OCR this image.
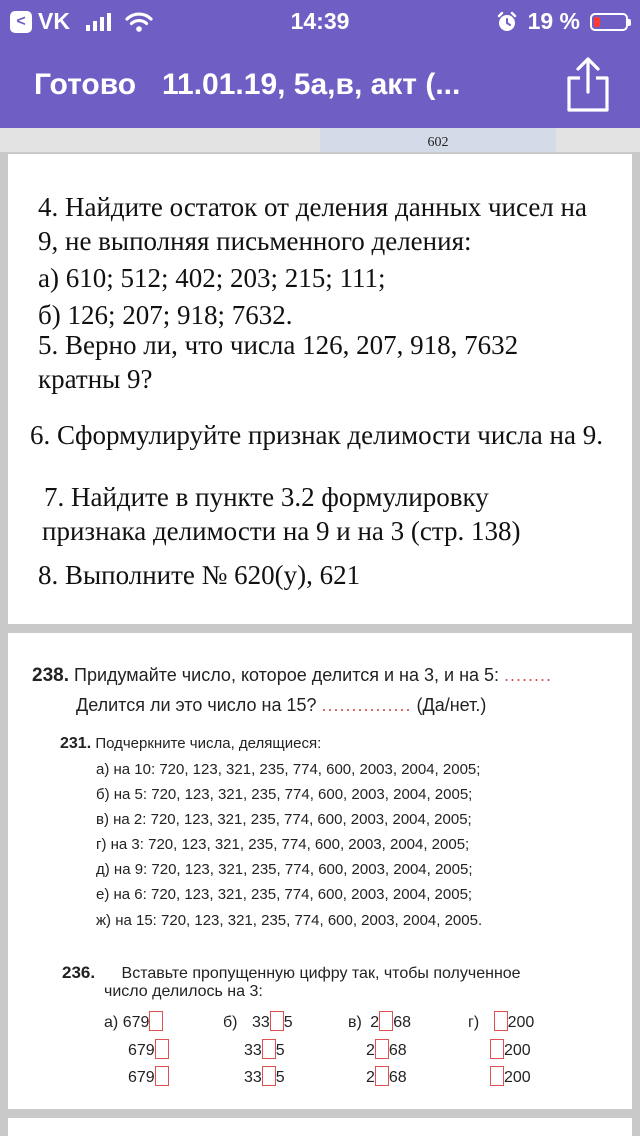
< VK	14:39	19 %
Готово 11.01.19, 5а,в, акт (...
602
4. Найдите остаток от деления данных чисел на
9, не выполняя письменного деления:
а) 610; 512; 402; 203; 215; 111;
б) 126; 207; 918; 7632.
5. Верно ли, что числа 126, 207, 918, 7632
кратны 9?
6. Сформулируйте признак делимости числа на 9.
7. Найдите в пункте 3.2 формулировку
признака делимости на 9 и на 3 (стр. 138)
8. Выполните № 620(у), 621
238. Придумайте число, которое делится и на 3, и на 5: ........
Делится ли это число на 15? ............... (Да/нет.)
231. Подчеркните числа, делящиеся:
а) на 10: 720, 123, 321, 235, 774, 600, 2003, 2004, 2005;
б) на 5: 720, 123, 321, 235, 774, 600, 2003, 2004, 2005;
в) на 2: 720, 123, 321, 235, 774, 600, 2003, 2004, 2005;
г) на 3: 720, 123, 321, 235, 774, 600, 2003, 2004, 2005;
д) на 9: 720, 123, 321, 235, 774, 600, 2003, 2004, 2005;
е) на 6: 720, 123, 321, 235, 774, 600, 2003, 2004, 2005;
ж) на 15: 720, 123, 321, 235, 774, 600, 2003, 2004, 2005.
236. Вставьте пропущенную цифру так, чтобы полученное
число делилось на 3:
а) 679	б) 33 5	в) 2 68	г) 200
679	33 5	2 68	200
679	33 5	2 68	200
